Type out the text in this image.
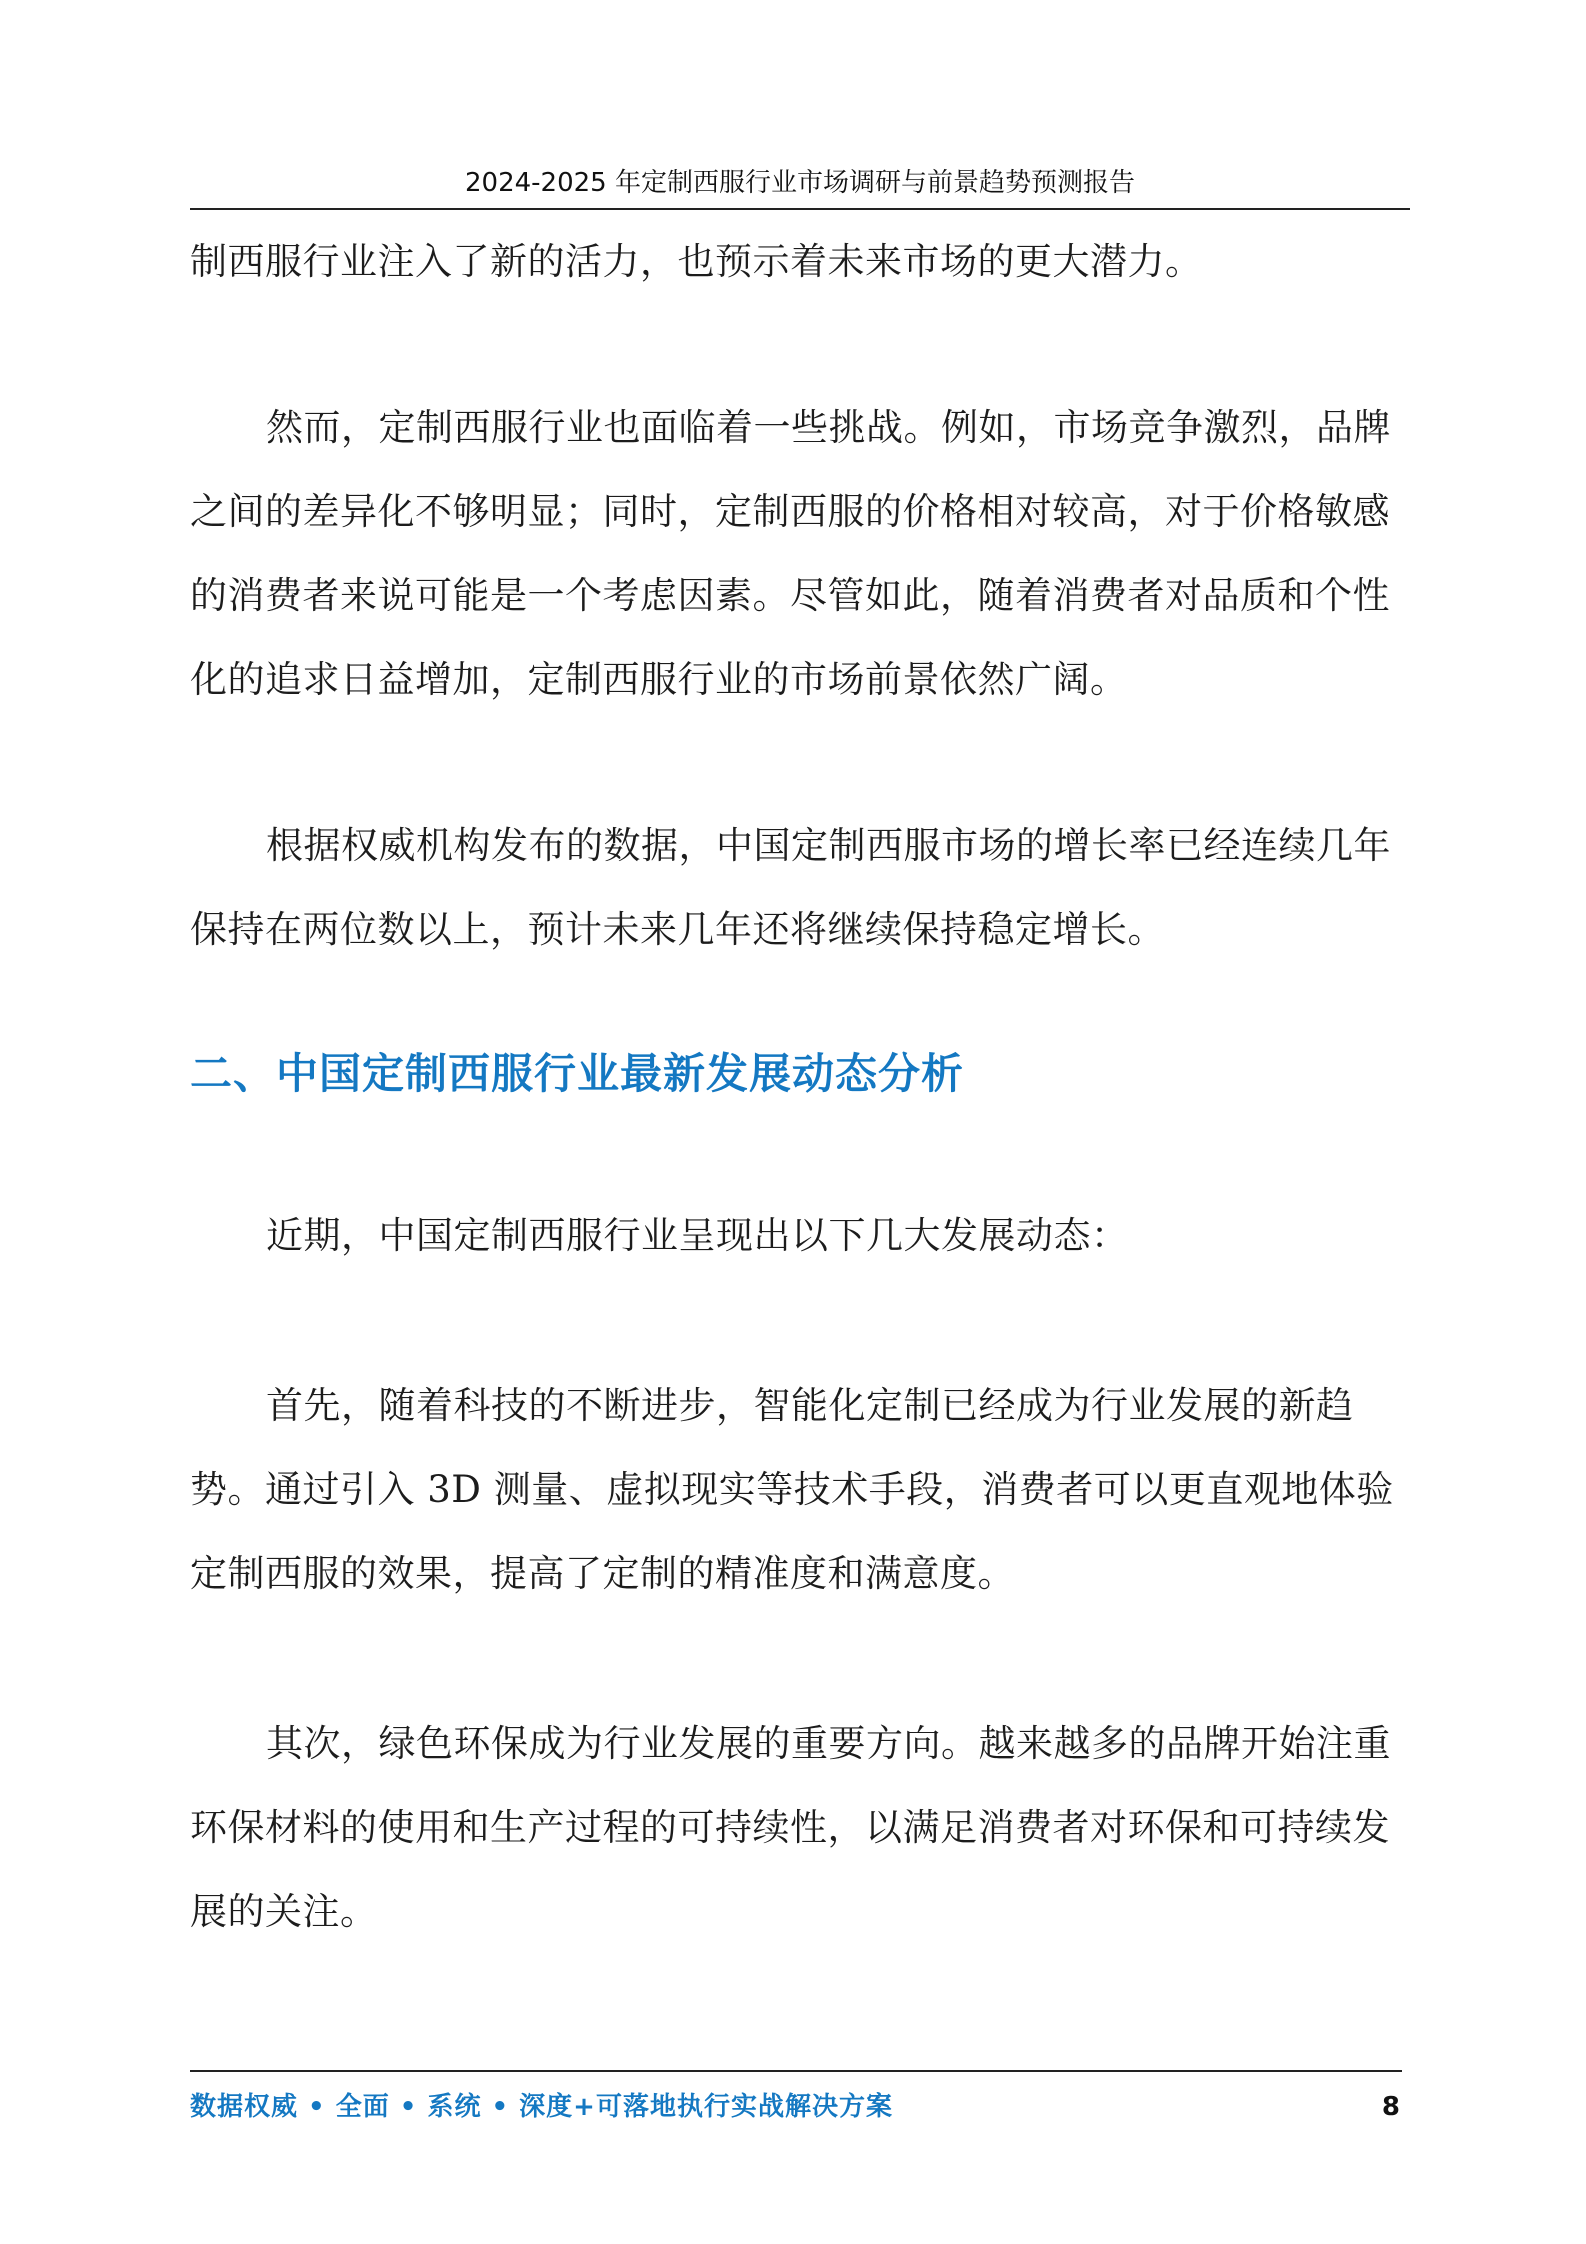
2024-2025 年定制西服行业市场调研与前景趋势预测报告

制西服行业注入了新的活力，也预示着未来市场的更大潜力。

然而，定制西服行业也面临着一些挑战。例如，市场竞争激烈，品牌之间的差异化不够明显；同时，定制西服的价格相对较高，对于价格敏感的消费者来说可能是一个考虑因素。尽管如此，随着消费者对品质和个性化的追求日益增加，定制西服行业的市场前景依然广阔。

根据权威机构发布的数据，中国定制西服市场的增长率已经连续几年保持在两位数以上，预计未来几年还将继续保持稳定增长。

二、中国定制西服行业最新发展动态分析

近期，中国定制西服行业呈现出以下几大发展动态：

首先，随着科技的不断进步，智能化定制已经成为行业发展的新趋势。通过引入 3D 测量、虚拟现实等技术手段，消费者可以更直观地体验定制西服的效果，提高了定制的精准度和满意度。

其次，绿色环保成为行业发展的重要方向。越来越多的品牌开始注重环保材料的使用和生产过程的可持续性，以满足消费者对环保和可持续发展的关注。

数据权威 • 全面 • 系统 • 深度+可落地执行实战解决方案	8
